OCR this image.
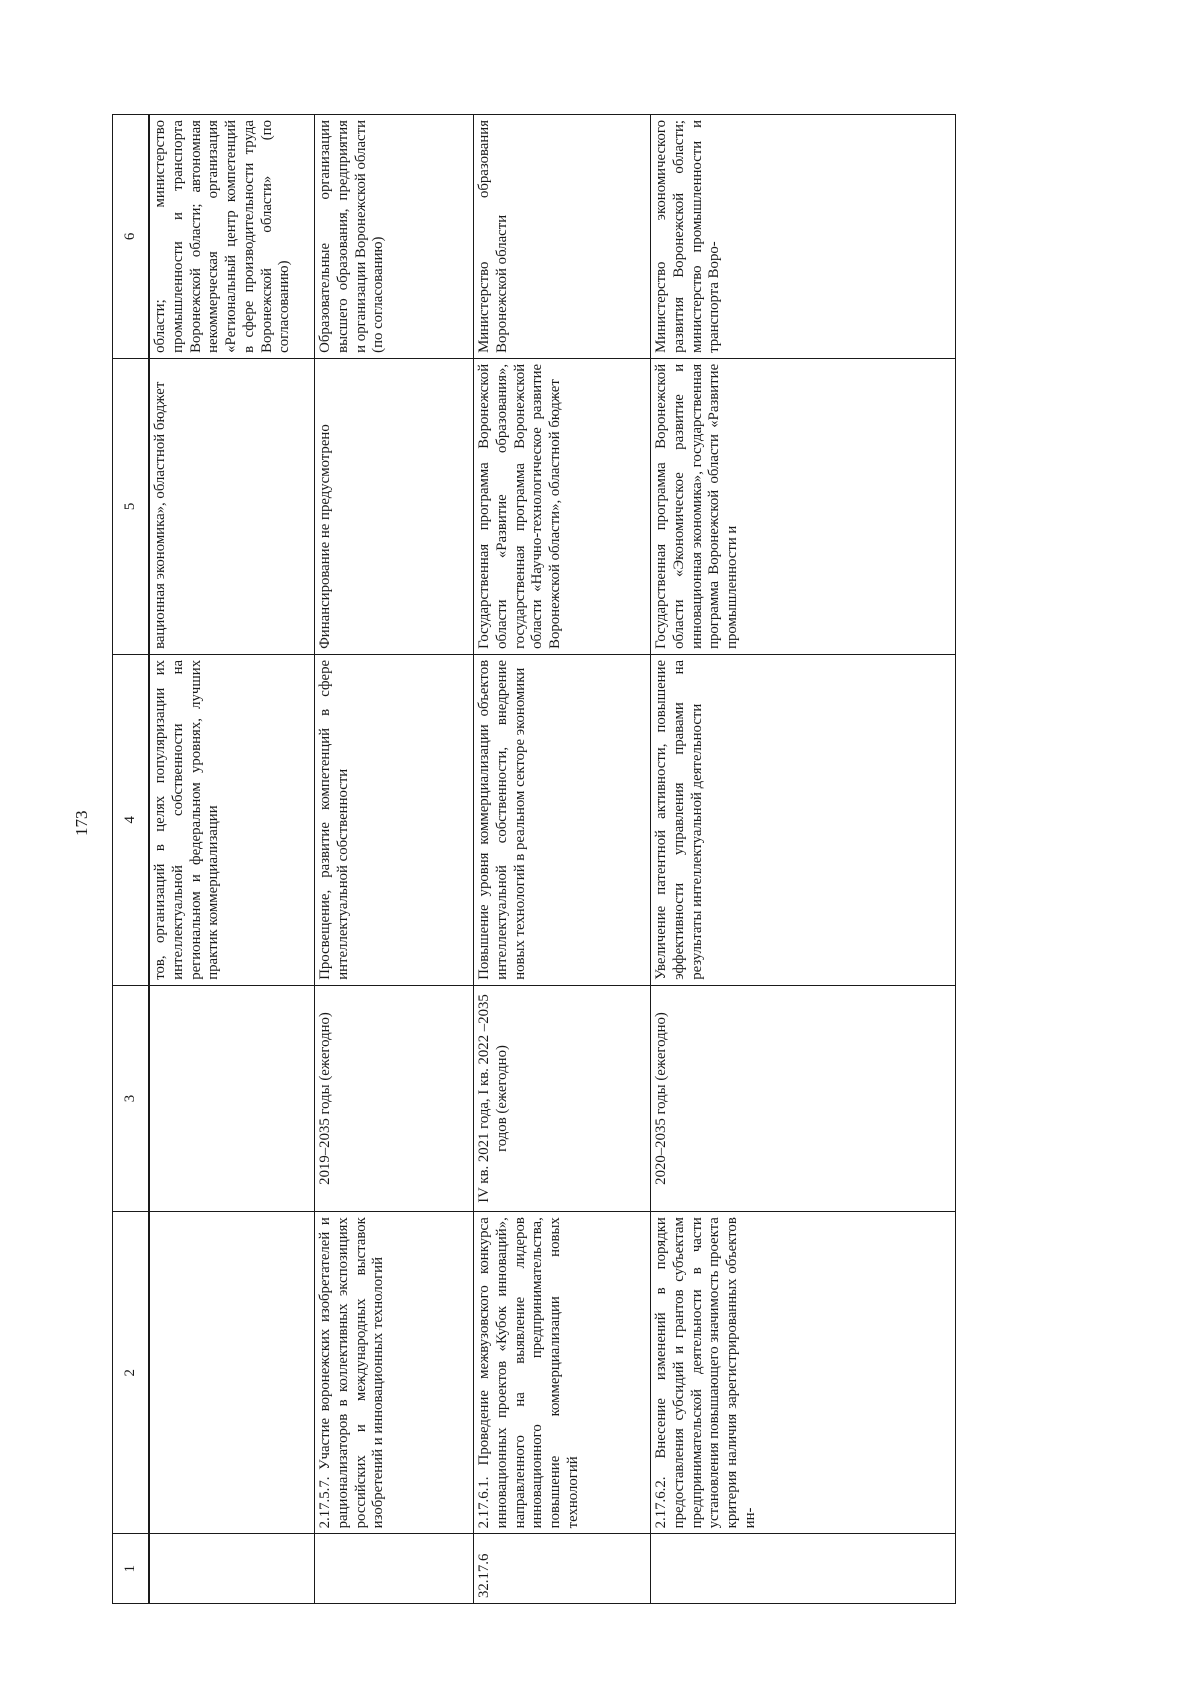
173
1	2	3	4	5	6
			тов, организаций в целях популяризации их интеллектуальной собственности на региональном и федеральном уровнях, лучших практик коммерциализации	вационная экономика», областной бюджет	области; министерство промышленности и транспорта Воронежской области; автономная некоммерческая организация «Региональный центр компетенций в сфере производительности труда Воронежской области» (по согласованию)
	2.17.5.7. Участие воронежских изобретателей и рационализаторов в коллективных экспозициях российских и международных выставок изобретений и инновационных технологий	2019–2035 годы (ежегодно)	Просвещение, развитие компетенций в сфере интеллектуальной собственности	Финансирование не предусмотрено	Образовательные организации высшего образования, предприятия и организации Воронежской области (по согласованию)
32.17.6	2.17.6.1. Проведение межвузовского конкурса инновационных проектов «Кубок инноваций», направленного на выявление лидеров инновационного предпринимательства, повышение коммерциализации новых технологий	IV кв. 2021 года, I кв. 2022 –2035 годов (ежегодно)	Повышение уровня коммерциализации объектов интеллектуальной собственности, внедрение новых технологий в реальном секторе экономики	Государственная программа Воронежской области «Развитие образования», государственная программа Воронежской области «Научно-технологическое развитие Воронежской области», областной бюджет	Министерство образования Воронежской области
	2.17.6.2. Внесение изменений в порядки предоставления субсидий и грантов субъектам предпринимательской деятельности в части установления повышающего значимость проекта критерия наличия зарегистрированных объектов ин-	2020–2035 годы (ежегодно)	Увеличение патентной активности, повышение эффективности управления правами на результаты интеллектуальной деятельности	Государственная программа Воронежской области «Экономическое развитие и инновационная экономика», государственная программа Воронежской области «Развитие промышленности и	Министерство экономического развития Воронежской области; министерство промышленности и транспорта Воро-
